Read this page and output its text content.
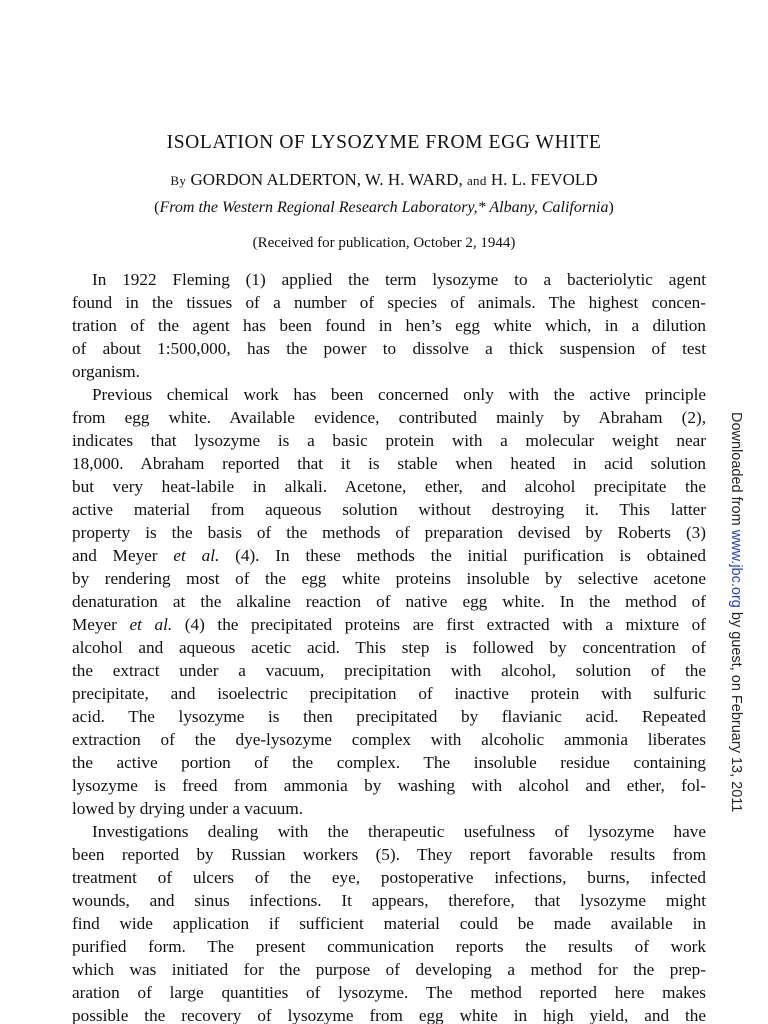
ISOLATION OF LYSOZYME FROM EGG WHITE
By GORDON ALDERTON, W. H. WARD, and H. L. FEVOLD
(From the Western Regional Research Laboratory,* Albany, California)
(Received for publication, October 2, 1944)
In 1922 Fleming (1) applied the term lysozyme to a bacteriolytic agent
found in the tissues of a number of species of animals. The highest concen-
tration of the agent has been found in hen’s egg white which, in a dilution
of about 1:500,000, has the power to dissolve a thick suspension of test
organism.
Previous chemical work has been concerned only with the active principle
from egg white. Available evidence, contributed mainly by Abraham (2),
indicates that lysozyme is a basic protein with a molecular weight near
18,000. Abraham reported that it is stable when heated in acid solution
but very heat-labile in alkali. Acetone, ether, and alcohol precipitate the
active material from aqueous solution without destroying it. This latter
property is the basis of the methods of preparation devised by Roberts (3)
and Meyer et al. (4). In these methods the initial purification is obtained
by rendering most of the egg white proteins insoluble by selective acetone
denaturation at the alkaline reaction of native egg white. In the method of
Meyer et al. (4) the precipitated proteins are first extracted with a mixture of
alcohol and aqueous acetic acid. This step is followed by concentration of
the extract under a vacuum, precipitation with alcohol, solution of the
precipitate, and isoelectric precipitation of inactive protein with sulfuric
acid. The lysozyme is then precipitated by flavianic acid. Repeated
extraction of the dye-lysozyme complex with alcoholic ammonia liberates
the active portion of the complex. The insoluble residue containing
lysozyme is freed from ammonia by washing with alcohol and ether, fol-
lowed by drying under a vacuum.
Investigations dealing with the therapeutic usefulness of lysozyme have
been reported by Russian workers (5). They report favorable results from
treatment of ulcers of the eye, postoperative infections, burns, infected
wounds, and sinus infections. It appears, therefore, that lysozyme might
find wide application if sufficient material could be made available in
purified form. The present communication reports the results of work
which was initiated for the purpose of developing a method for the prep-
aration of large quantities of lysozyme. The method reported here makes
possible the recovery of lysozyme from egg white in high yield, and the
Downloaded from www.jbc.org by guest, on February 13, 2011
